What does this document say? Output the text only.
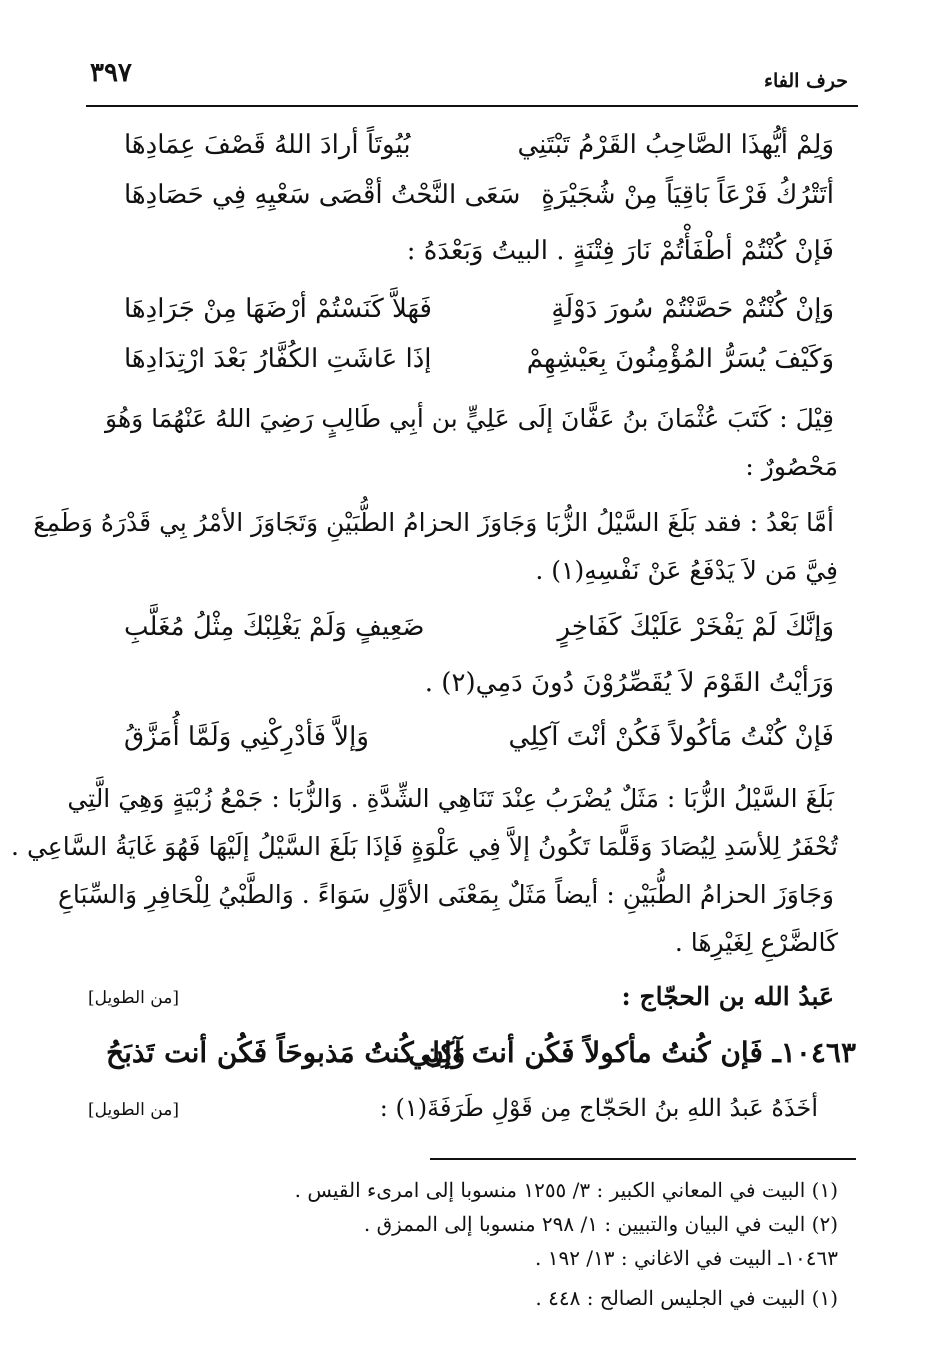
حرف الفاء
٣٩٧
وَلِمْ أيُّهذَا الصَّاحِبُ القَرْمُ تَبْتَنِي
بُيُوتَاً أرادَ اللهُ قَصْفَ عِمَادِهَا
أتَتْرُكُ فَرْعَاً بَاقِيَاً مِنْ شُجَيْرَةٍ
سَعَى النَّحْتُ أقْصَى سَعْيِهِ فِي حَصَادِهَا
فَإنْ كُنْتُمْ أطْفَأْتُمْ نَارَ فِتْنَةٍ . البيتُ وَبَعْدَهُ :
وَإنْ كُنْتُمْ حَصَّنْتُمْ سُورَ دَوْلَةٍ
فَهَلاَّ كَنَسْتُمْ أرْضَهَا مِنْ جَرَادِهَا
وَكَيْفَ يُسَرُّ المُؤْمِنُونَ بِعَيْشِهِمْ
إذَا عَاشَتِ الكُفَّارُ بَعْدَ ارْتِدَادِهَا
قِيْلَ : كَتَبَ عُثْمَانَ بنُ عَفَّانَ إلَى عَلِيٍّ بن أبِي طَالِبٍ رَضِيَ اللهُ عَنْهُمَا وَهُوَ
مَحْصُورٌ :
أمَّا بَعْدُ : فقد بَلَغَ السَّيْلُ الزُّبَا وَجَاوَزَ الحزامُ الطُّبَيْنِ وَتَجَاوَزَ الأمْرُ بِي قَدْرَهُ وَطَمِعَ
فِيَّ مَن لاَ يَدْفَعُ عَنْ نَفْسِهِ(١) .
وَإنَّكَ لَمْ يَفْخَرْ عَلَيْكَ كَفَاخِرٍ
ضَعِيفٍ وَلَمْ يَغْلِبْكَ مِثْلُ مُغَلَّبِ
وَرَأيْتُ القَوْمَ لاَ يُقَصِّرُوْنَ دُونَ دَمِي(٢) .
فَإنْ كُنْتُ مَأكُولاً فَكُنْ أنْتَ آكِلِي
وَإلاَّ فَأدْرِكْنِي وَلَمَّا أُمَزَّقُ
بَلَغَ السَّيْلُ الزُّبَا : مَثَلٌ يُضْرَبُ عِنْدَ تَنَاهِي الشِّدَّةِ . وَالزُّبَا : جَمْعُ زُبْيَةٍ وَهِيَ الَّتِي
تُحْفَرُ لِلأسَدِ لِيُصَادَ وَقَلَّمَا تَكُونُ إلاَّ فِي عَلْوَةٍ فَإذَا بَلَغَ السَّيْلُ إلَيْهَا فَهُوَ غَايَةُ السَّاعِي .
وَجَاوَزَ الحزامُ الطُّبَيْنِ : أيضاً مَثَلٌ بِمَعْنَى الأوَّلِ سَوَاءً . وَالطَّبْيُ لِلْحَافِرِ وَالسِّبَاعِ
كَالضَّرْعِ لِغَيْرِهَا .
عَبدُ الله بن الحجّاج :
[من الطويل]
١٠٤٦٣ـ فَإن كُنتُ مأكولاً فَكُن أنتَ آكِلِي
وَإن كُنتُ مَذبوحَاً فَكُن أنت تَذبَحُ
أخَذَهُ عَبدُ اللهِ بنُ الحَجّاج مِن قَوْلِ طَرَفَةَ(١) :
[من الطويل]
(١) البيت في المعاني الكبير : ٣/ ١٢٥٥ منسوبا إلى امرىء القيس .
(٢) اليت في البيان والتبيين : ١/ ٢٩٨ منسوبا إلى الممزق .
١٠٤٦٣ـ البيت في الاغاني : ١٣/ ١٩٢ .
(١) البيت في الجليس الصالح : ٤٤٨ .
